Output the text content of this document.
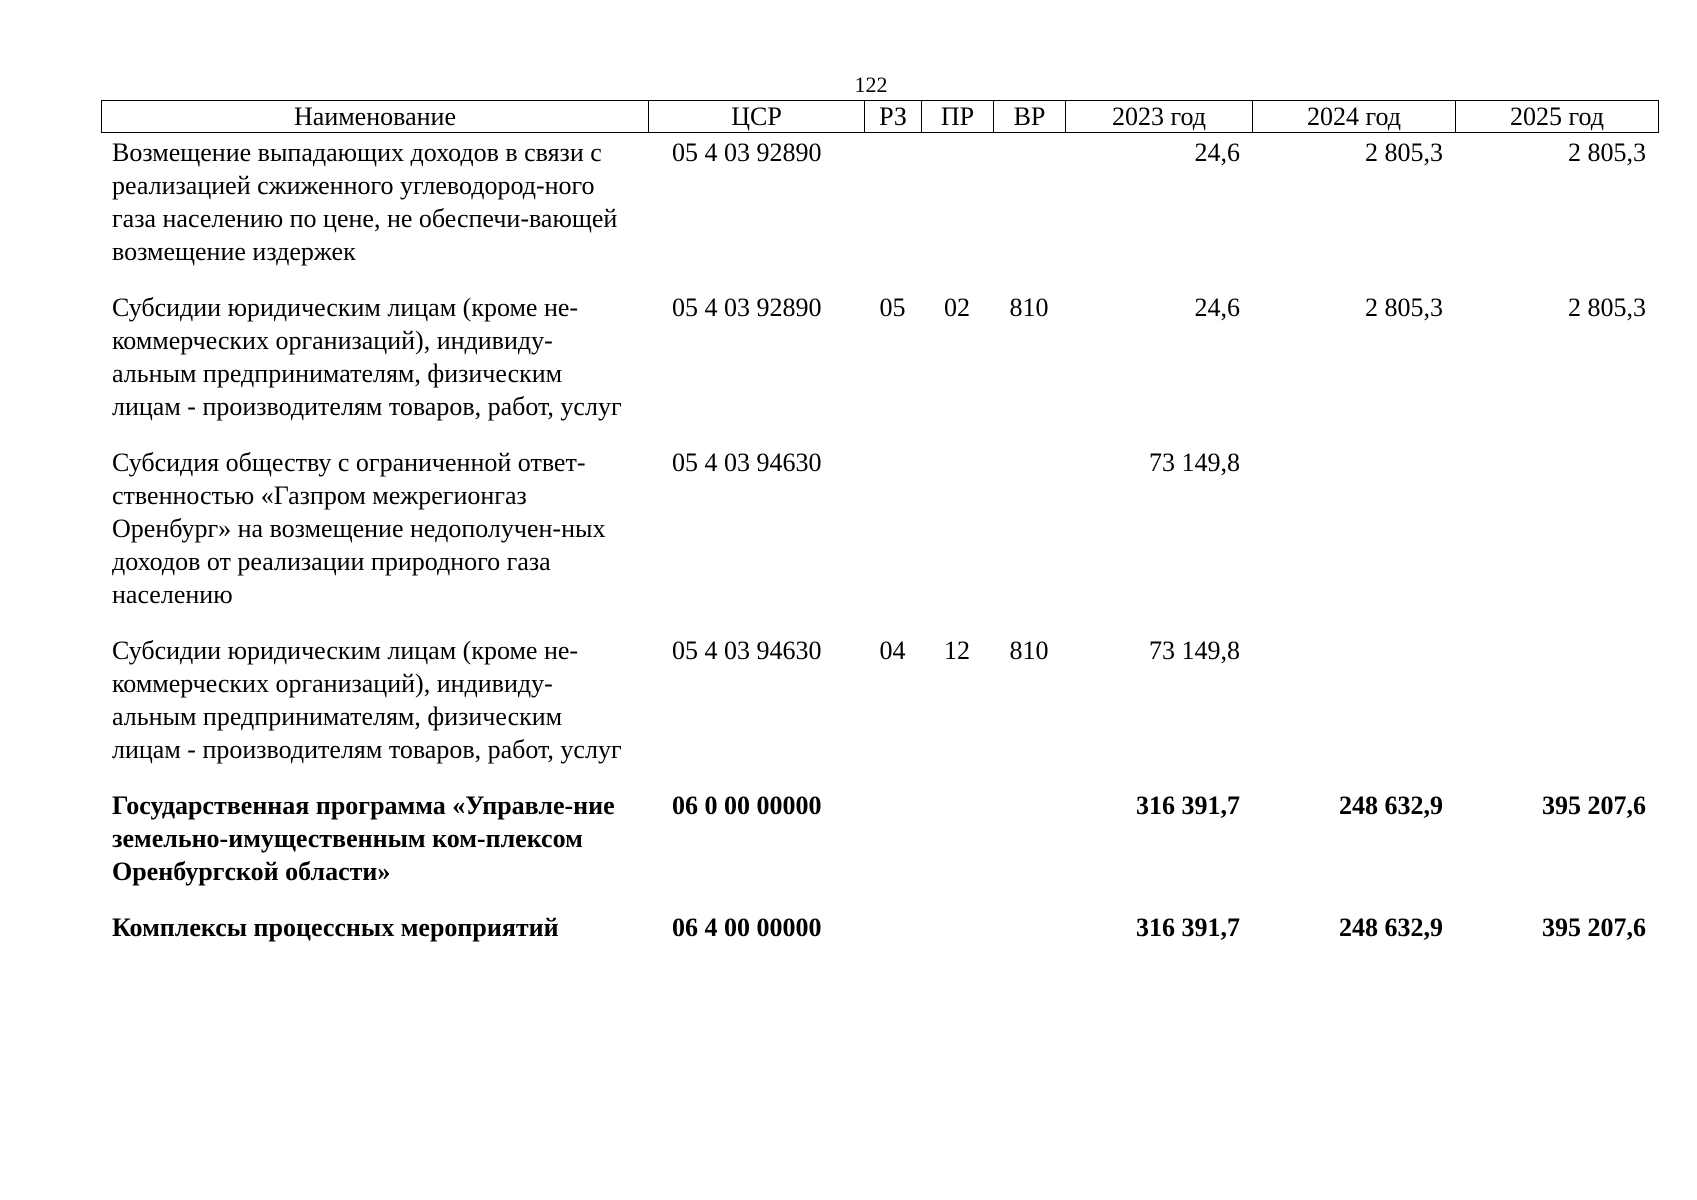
122
Наименование	ЦСР	РЗ	ПР	ВР	2023 год	2024 год	2025 год
Возмещение выпадающих доходов в связи с реализацией сжиженного углеводород-ного газа населению по цене, не обеспечи-вающей возмещение издержек	05 4 03 92890				24,6	2 805,3	2 805,3
Субсидии юридическим лицам (кроме не-коммерческих организаций), индивиду-альным предпринимателям, физическим лицам - производителям товаров, работ, услуг	05 4 03 92890	05	02	810	24,6	2 805,3	2 805,3
Субсидия обществу с ограниченной ответ-ственностью «Газпром межрегионгаз Оренбург» на возмещение недополучен-ных доходов от реализации природного газа населению	05 4 03 94630				73 149,8		
Субсидии юридическим лицам (кроме не-коммерческих организаций), индивиду-альным предпринимателям, физическим лицам - производителям товаров, работ, услуг	05 4 03 94630	04	12	810	73 149,8		
Государственная программа «Управле-ние земельно-имущественным ком-плексом Оренбургской области»	06 0 00 00000				316 391,7	248 632,9	395 207,6
Комплексы процессных мероприятий	06 4 00 00000				316 391,7	248 632,9	395 207,6
